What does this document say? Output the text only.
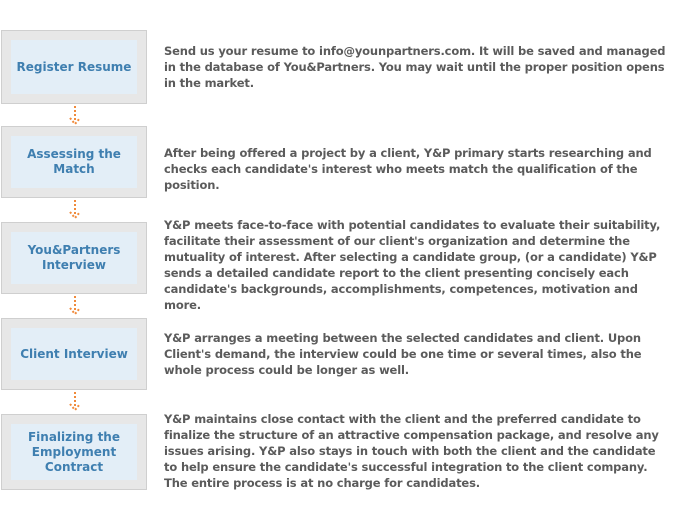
Register Resume
Send us your resume to info@younpartners.com. It will be saved and managed in the database of You&Partners. You may wait until the proper position opens in the market.
Assessing the Match
After being offered a project by a client, Y&P primary starts researching and checks each candidate's interest who meets match the qualification of the position.
You&Partners Interview
Y&P meets face-to-face with potential candidates to evaluate their suitability, facilitate their assessment of our client's organization and determine the mutuality of interest. After selecting a candidate group, (or a candidate) Y&P sends a detailed candidate report to the client presenting concisely each candidate's backgrounds, accomplishments, competences, motivation and more.
Client Interview
Y&P arranges a meeting between the selected candidates and client. Upon Client's demand, the interview could be one time or several times, also the whole process could be longer as well.
Finalizing the Employment Contract
Y&P maintains close contact with the client and the preferred candidate to finalize the structure of an attractive compensation package, and resolve any issues arising. Y&P also stays in touch with both the client and the candidate to help ensure the candidate's successful integration to the client company. The entire process is at no charge for candidates.
